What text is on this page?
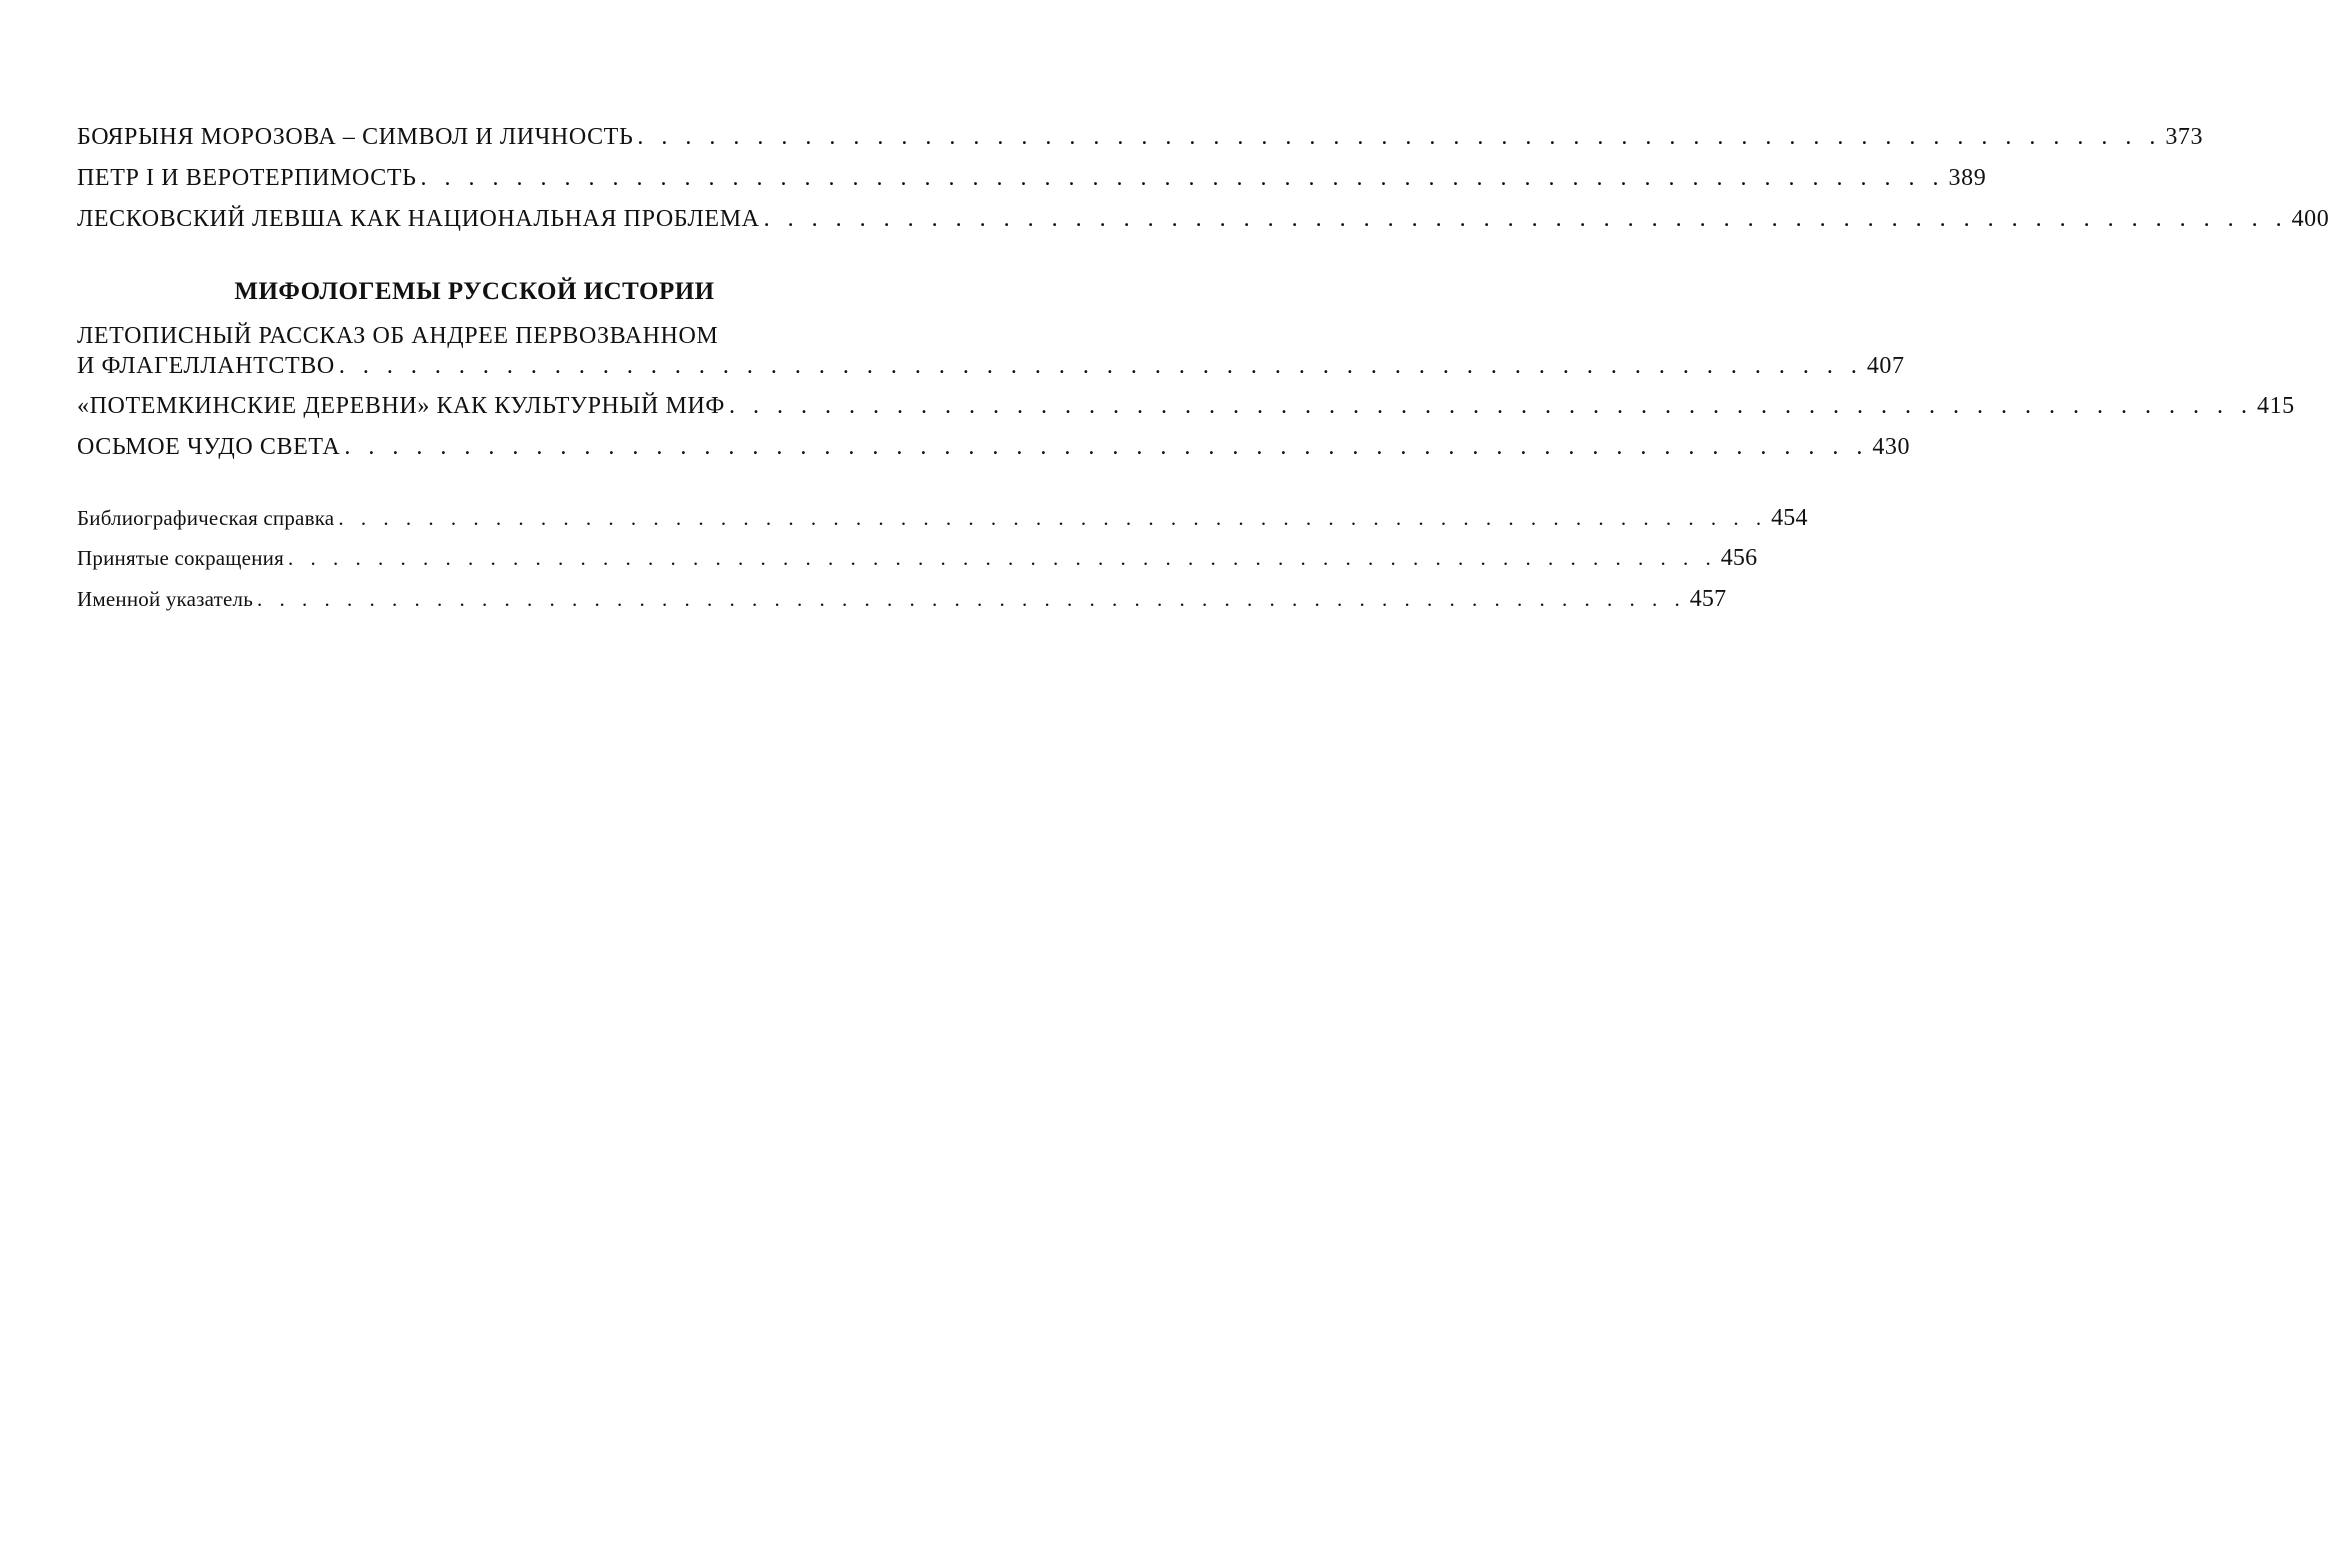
БОЯРЫНЯ МОРОЗОВА – СИМВОЛ И ЛИЧНОСТЬ . . . . . . . . . . . . . . . . . . . . . . . . . . . . . . . . . . . . . . . . . . . . . . . . . . . . . . . . . . . . . . . . 373
ПЕТР I И ВЕРОТЕРПИМОСТЬ . . . . . . . . . . . . . . . . . . . . . . . . . . . . . . . . . . . . . . . . . . . . . . . . . . . . . . . . . . . . . . . . 389
ЛЕСКОВСКИЙ ЛЕВША КАК НАЦИОНАЛЬНАЯ ПРОБЛЕМА . . . . . . . . . . . . . . . . . . . . . . . . . . . . . . . . . . . . . . . . . . . . . . . . . . . . . . . . . . . . . . . . 400
МИФОЛОГЕМЫ РУССКОЙ ИСТОРИИ
ЛЕТОПИСНЫЙ РАССКАЗ ОБ АНДРЕЕ ПЕРВОЗВАННОМ
И ФЛАГЕЛЛАНТСТВО . . . . . . . . . . . . . . . . . . . . . . . . . . . . . . . . . . . . . . . . . . . . . . . . . . . . . . . . . . . . . . . . 407
«ПОТЕМКИНСКИЕ ДЕРЕВНИ» КАК КУЛЬТУРНЫЙ МИФ . . . . . . . . . . . . . . . . . . . . . . . . . . . . . . . . . . . . . . . . . . . . . . . . . . . . . . . . . . . . . . . . 415
ОСЬМОЕ ЧУДО СВЕТА . . . . . . . . . . . . . . . . . . . . . . . . . . . . . . . . . . . . . . . . . . . . . . . . . . . . . . . . . . . . . . . . 430
Библиографическая справка . . . . . . . . . . . . . . . . . . . . . . . . . . . . . . . . . . . . . . . . . . . . . . . . . . . . . . . . . . . . . . . . 454
Принятые сокращения . . . . . . . . . . . . . . . . . . . . . . . . . . . . . . . . . . . . . . . . . . . . . . . . . . . . . . . . . . . . . . . . 456
Именной указатель . . . . . . . . . . . . . . . . . . . . . . . . . . . . . . . . . . . . . . . . . . . . . . . . . . . . . . . . . . . . . . . . 457
